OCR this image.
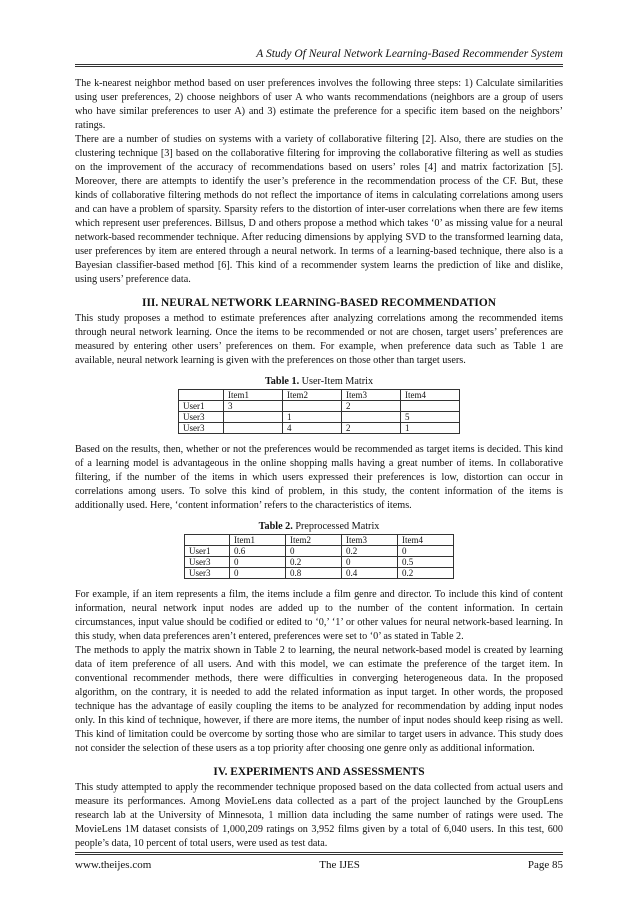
A Study Of Neural Network Learning-Based Recommender System

The k-nearest neighbor method based on user preferences involves the following three steps: 1) Calculate similarities using user preferences, 2) choose neighbors of user A who wants recommendations (neighbors are a group of users who have similar preferences to user A) and 3) estimate the preference for a specific item based on the neighbors’ ratings.

There are a number of studies on systems with a variety of collaborative filtering [2]. Also, there are studies on the clustering technique [3] based on the collaborative filtering for improving the collaborative filtering as well as studies on the improvement of the accuracy of recommendations based on users’ roles [4] and matrix factorization [5]. Moreover, there are attempts to identify the user’s preference in the recommendation process of the CF. But, these kinds of collaborative filtering methods do not reflect the importance of items in calculating correlations among users and can have a problem of sparsity. Sparsity refers to the distortion of inter-user correlations when there are few items which represent user preferences. Billsus, D and others propose a method which takes ‘0’ as missing value for a neural network-based recommender technique. After reducing dimensions by applying SVD to the transformed learning data, user preferences by item are entered through a neural network. In terms of a learning-based technique, there also is a Bayesian classifier-based method [6]. This kind of a recommender system learns the prediction of like and dislike, using users’ preference data.

III. NEURAL NETWORK LEARNING-BASED RECOMMENDATION

This study proposes a method to estimate preferences after analyzing correlations among the recommended items through neural network learning. Once the items to be recommended or not are chosen, target users’ preferences are measured by entering other users’ preferences on them. For example, when preference data such as Table 1 are available, neural network learning is given with the preferences on those other than target users.

Table 1. User-Item Matrix
	Item1	Item2	Item3	Item4
User1	3		2	
User3		1		5
User3		4	2	1

Based on the results, then, whether or not the preferences would be recommended as target items is decided. This kind of a learning model is advantageous in the online shopping malls having a great number of items. In collaborative filtering, if the number of the items in which users expressed their preferences is low, distortion can occur in correlations among users. To solve this kind of problem, in this study, the content information of the items is additionally used. Here, ‘content information’ refers to the characteristics of items.

Table 2. Preprocessed Matrix
	Item1	Item2	Item3	Item4
User1	0.6	0	0.2	0
User3	0	0.2	0	0.5
User3	0	0.8	0.4	0.2

For example, if an item represents a film, the items include a film genre and director. To include this kind of content information, neural network input nodes are added up to the number of the content information. In certain circumstances, input value should be codified or edited to ‘0,’ ‘1’ or other values for neural network-based learning. In this study, when data preferences aren’t entered, preferences were set to ‘0’ as stated in Table 2.

The methods to apply the matrix shown in Table 2 to learning, the neural network-based model is created by learning data of item preference of all users. And with this model, we can estimate the preference of the target item. In conventional recommender methods, there were difficulties in converging heterogeneous data. In the proposed algorithm, on the contrary, it is needed to add the related information as input target. In other words, the proposed technique has the advantage of easily coupling the items to be analyzed for recommendation by adding input nodes only. In this kind of technique, however, if there are more items, the number of input nodes should keep rising as well. This kind of limitation could be overcome by sorting those who are similar to target users in advance. This study does not consider the selection of these users as a top priority after choosing one genre only as additional information.

IV. EXPERIMENTS AND ASSESSMENTS

This study attempted to apply the recommender technique proposed based on the data collected from actual users and measure its performances. Among MovieLens data collected as a part of the project launched by the GroupLens research lab at the University of Minnesota, 1 million data including the same number of ratings were used. The MovieLens 1M dataset consists of 1,000,209 ratings on 3,952 films given by a total of 6,040 users. In this test, 600 people’s data, 10 percent of total users, were used as test data.

www.theijes.com	The IJES	Page 85
